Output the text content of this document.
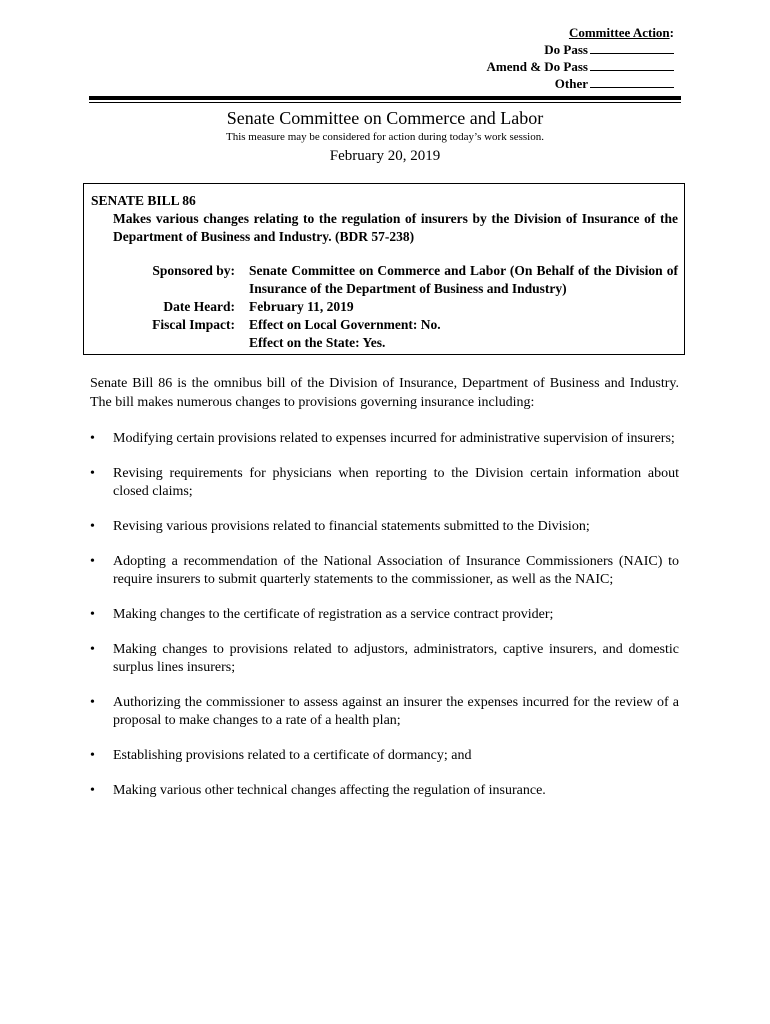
Committee Action:
Do Pass
Amend & Do Pass
Other
Senate Committee on Commerce and Labor
This measure may be considered for action during today’s work session.
February 20, 2019

SENATE BILL 86

Makes various changes relating to the regulation of insurers by the Division of Insurance of the Department of Business and Industry. (BDR 57-238)

Sponsored by: Senate Committee on Commerce and Labor (On Behalf of the Division of Insurance of the Department of Business and Industry)
Date Heard: February 11, 2019
Fiscal Impact: Effect on Local Government: No.
Effect on the State: Yes.

Senate Bill 86 is the omnibus bill of the Division of Insurance, Department of Business and Industry. The bill makes numerous changes to provisions governing insurance including:

• Modifying certain provisions related to expenses incurred for administrative supervision of insurers;
• Revising requirements for physicians when reporting to the Division certain information about closed claims;
• Revising various provisions related to financial statements submitted to the Division;
• Adopting a recommendation of the National Association of Insurance Commissioners (NAIC) to require insurers to submit quarterly statements to the commissioner, as well as the NAIC;
• Making changes to the certificate of registration as a service contract provider;
• Making changes to provisions related to adjustors, administrators, captive insurers, and domestic surplus lines insurers;
• Authorizing the commissioner to assess against an insurer the expenses incurred for the review of a proposal to make changes to a rate of a health plan;
• Establishing provisions related to a certificate of dormancy; and
• Making various other technical changes affecting the regulation of insurance.
